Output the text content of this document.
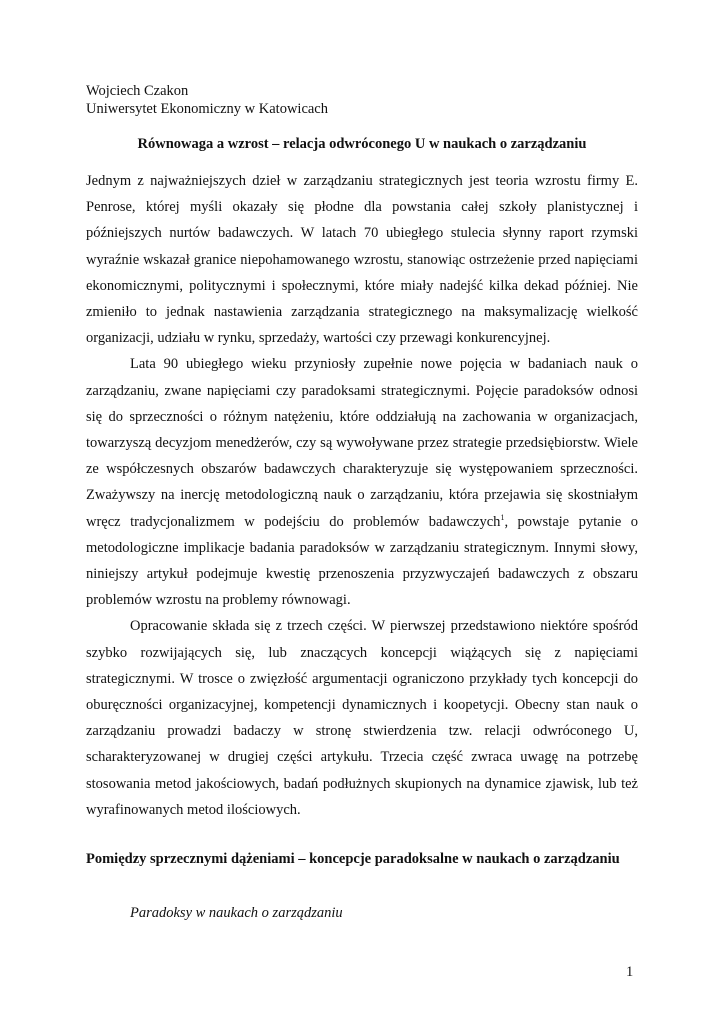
Wojciech Czakon
Uniwersytet Ekonomiczny w Katowicach
Równowaga a wzrost – relacja odwróconego U w naukach o zarządzaniu

Jednym z najważniejszych dzieł w zarządzaniu strategicznych jest teoria wzrostu firmy E. Penrose, której myśli okazały się płodne dla powstania całej szkoły planistycznej i późniejszych nurtów badawczych. W latach 70 ubiegłego stulecia słynny raport rzymski wyraźnie wskazał granice niepohamowanego wzrostu, stanowiąc ostrzeżenie przed napięciami ekonomicznymi, politycznymi i społecznymi, które miały nadejść kilka dekad później. Nie zmieniło to jednak nastawienia zarządzania strategicznego na maksymalizację wielkość organizacji, udziału w rynku, sprzedaży, wartości czy przewagi konkurencyjnej.

Lata 90 ubiegłego wieku przyniosły zupełnie nowe pojęcia w badaniach nauk o zarządzaniu, zwane napięciami czy paradoksami strategicznymi. Pojęcie paradoksów odnosi się do sprzeczności o różnym natężeniu, które oddziałują na zachowania w organizacjach, towarzyszą decyzjom menedżerów, czy są wywoływane przez strategie przedsiębiorstw. Wiele ze współczesnych obszarów badawczych charakteryzuje się występowaniem sprzeczności. Zważywszy na inercję metodologiczną nauk o zarządzaniu, która przejawia się skostniałym wręcz tradycjonalizmem w podejściu do problemów badawczych$^1$, powstaje pytanie o metodologiczne implikacje badania paradoksów w zarządzaniu strategicznym. Innymi słowy, niniejszy artykuł podejmuje kwestię przenoszenia przyzwyczajeń badawczych z obszaru problemów wzrostu na problemy równowagi.

Opracowanie składa się z trzech części. W pierwszej przedstawiono niektóre spośród szybko rozwijających się, lub znaczących koncepcji wiążących się z napięciami strategicznymi. W trosce o zwięzłość argumentacji ograniczono przykłady tych koncepcji do oburęczności organizacyjnej, kompetencji dynamicznych i koopetycji. Obecny stan nauk o zarządzaniu prowadzi badaczy w stronę stwierdzenia tzw. relacji odwróconego U, scharakteryzowanej w drugiej części artykułu. Trzecia część zwraca uwagę na potrzebę stosowania metod jakościowych, badań podłużnych skupionych na dynamice zjawisk, lub też wyrafinowanych metod ilościowych.

Pomiędzy sprzecznymi dążeniami – koncepcje paradoksalne w naukach o zarządzaniu
Paradoksy w naukach o zarządzaniu
1
